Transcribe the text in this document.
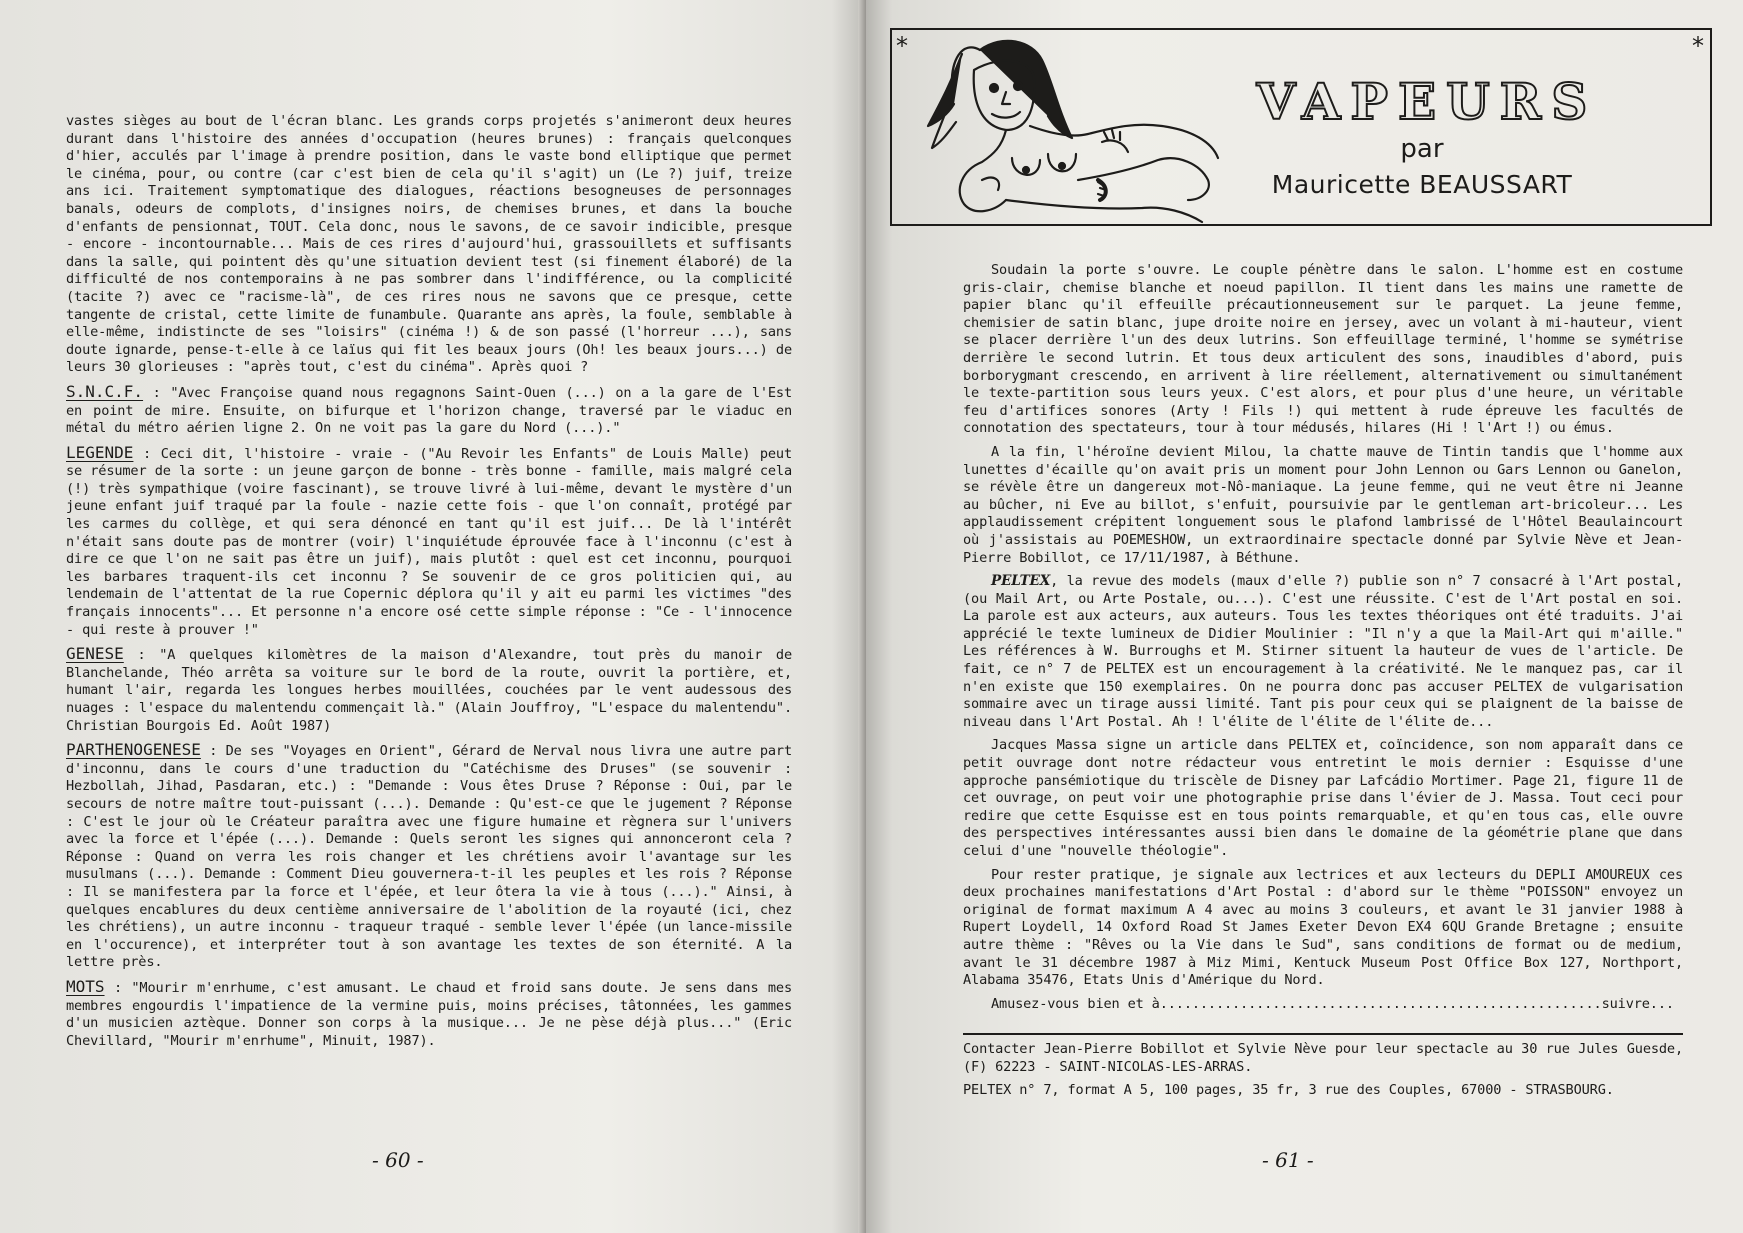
vastes sièges au bout de l'écran blanc. Les grands corps projetés s'animeront deux heures durant dans l'histoire des années d'occupation (heures brunes) : français quelconques d'hier, acculés par l'image à prendre position, dans le vaste bond elliptique que permet le cinéma, pour, ou contre (car c'est bien de cela qu'il s'agit) un (Le ?) juif, treize ans ici. Traitement symptomatique des dialogues, réactions besogneuses de personnages banals, odeurs de complots, d'insignes noirs, de chemises brunes, et dans la bouche d'enfants de pensionnat, TOUT. Cela donc, nous le savons, de ce savoir indicible, presque - encore - incontournable... Mais de ces rires d'aujourd'hui, grassouillets et suffisants dans la salle, qui pointent dès qu'une situation devient test (si finement élaboré) de la difficulté de nos contemporains à ne pas sombrer dans l'indifférence, ou la complicité (tacite ?) avec ce "racisme-là", de ces rires nous ne savons que ce presque, cette tangente de cristal, cette limite de funambule. Quarante ans après, la foule, semblable à elle-même, indistincte de ses "loisirs" (cinéma !) & de son passé (l'horreur ...), sans doute ignarde, pense-t-elle à ce laïus qui fit les beaux jours (Oh! les beaux jours...) de leurs 30 glorieuses : "après tout, c'est du cinéma". Après quoi ?

S.N.C.F. : "Avec Françoise quand nous regagnons Saint-Ouen (...) on a la gare de l'Est en point de mire. Ensuite, on bifurque et l'horizon change, traversé par le viaduc en métal du métro aérien ligne 2. On ne voit pas la gare du Nord (...)."

LEGENDE : Ceci dit, l'histoire - vraie - ("Au Revoir les Enfants" de Louis Malle) peut se résumer de la sorte : un jeune garçon de bonne - très bonne - famille, mais malgré cela (!) très sympathique (voire fascinant), se trouve livré à lui-même, devant le mystère d'un jeune enfant juif traqué par la foule - nazie cette fois - que l'on connaît, protégé par les carmes du collège, et qui sera dénoncé en tant qu'il est juif... De là l'intérêt n'était sans doute pas de montrer (voir) l'inquiétude éprouvée face à l'inconnu (c'est à dire ce que l'on ne sait pas être un juif), mais plutôt : quel est cet inconnu, pourquoi les barbares traquent-ils cet inconnu ? Se souvenir de ce gros politicien qui, au lendemain de l'attentat de la rue Copernic déplora qu'il y ait eu parmi les victimes "des français innocents"... Et personne n'a encore osé cette simple réponse : "Ce - l'innocence - qui reste à prouver !"

GENESE : "A quelques kilomètres de la maison d'Alexandre, tout près du manoir de Blanchelande, Théo arrêta sa voiture sur le bord de la route, ouvrit la portière, et, humant l'air, regarda les longues herbes mouillées, couchées par le vent audessous des nuages : l'espace du malentendu commençait là." (Alain Jouffroy, "L'espace du malentendu". Christian Bourgois Ed. Août 1987)

PARTHENOGENESE : De ses "Voyages en Orient", Gérard de Nerval nous livra une autre part d'inconnu, dans le cours d'une traduction du "Catéchisme des Druses" (se souvenir : Hezbollah, Jihad, Pasdaran, etc.) : "Demande : Vous êtes Druse ? Réponse : Oui, par le secours de notre maître tout-puissant (...). Demande : Qu'est-ce que le jugement ? Réponse : C'est le jour où le Créateur paraîtra avec une figure humaine et règnera sur l'univers avec la force et l'épée (...). Demande : Quels seront les signes qui annonceront cela ? Réponse : Quand on verra les rois changer et les chrétiens avoir l'avantage sur les musulmans (...). Demande : Comment Dieu gouvernera-t-il les peuples et les rois ? Réponse : Il se manifestera par la force et l'épée, et leur ôtera la vie à tous (...)." Ainsi, à quelques encablures du deux centième anniversaire de l'abolition de la royauté (ici, chez les chrétiens), un autre inconnu - traqueur traqué - semble lever l'épée (un lance-missile en l'occurence), et interpréter tout à son avantage les textes de son éternité. A la lettre près.

MOTS : "Mourir m'enrhume, c'est amusant. Le chaud et froid sans doute. Je sens dans mes membres engourdis l'impatience de la vermine puis, moins précises, tâtonnées, les gammes d'un musicien aztèque. Donner son corps à la musique... Je ne pèse déjà plus..." (Eric Chevillard, "Mourir m'enrhume", Minuit, 1987).

- 60 -
*	*
VAPEURS
par
Mauricette BEAUSSART

Soudain la porte s'ouvre. Le couple pénètre dans le salon. L'homme est en costume gris-clair, chemise blanche et noeud papillon. Il tient dans les mains une ramette de papier blanc qu'il effeuille précautionneusement sur le parquet. La jeune femme, chemisier de satin blanc, jupe droite noire en jersey, avec un volant à mi-hauteur, vient se placer derrière l'un des deux lutrins. Son effeuillage terminé, l'homme se symétrise derrière le second lutrin. Et tous deux articulent des sons, inaudibles d'abord, puis borborygmant crescendo, en arrivent à lire réellement, alternativement ou simultanément le texte-partition sous leurs yeux. C'est alors, et pour plus d'une heure, un véritable feu d'artifices sonores (Arty ! Fils !) qui mettent à rude épreuve les facultés de connotation des spectateurs, tour à tour médusés, hilares (Hi ! l'Art !) ou émus.

A la fin, l'héroïne devient Milou, la chatte mauve de Tintin tandis que l'homme aux lunettes d'écaille qu'on avait pris un moment pour John Lennon ou Gars Lennon ou Ganelon, se révèle être un dangereux mot-Nô-maniaque. La jeune femme, qui ne veut être ni Jeanne au bûcher, ni Eve au billot, s'enfuit, poursuivie par le gentleman art-bricoleur... Les applaudissement crépitent longuement sous le plafond lambrissé de l'Hôtel Beaulaincourt où j'assistais au POEMESHOW, un extraordinaire spectacle donné par Sylvie Nève et Jean-Pierre Bobillot, ce 17/11/1987, à Béthune.

PELTEX, la revue des models (maux d'elle ?) publie son n° 7 consacré à l'Art postal, (ou Mail Art, ou Arte Postale, ou...). C'est une réussite. C'est de l'Art postal en soi. La parole est aux acteurs, aux auteurs. Tous les textes théoriques ont été traduits. J'ai apprécié le texte lumineux de Didier Moulinier : "Il n'y a que la Mail-Art qui m'aille." Les références à W. Burroughs et M. Stirner situent la hauteur de vues de l'article. De fait, ce n° 7 de PELTEX est un encouragement à la créativité. Ne le manquez pas, car il n'en existe que 150 exemplaires. On ne pourra donc pas accuser PELTEX de vulgarisation sommaire avec un tirage aussi limité. Tant pis pour ceux qui se plaignent de la baisse de niveau dans l'Art Postal. Ah ! l'élite de l'élite de l'élite de...

Jacques Massa signe un article dans PELTEX et, coïncidence, son nom apparaît dans ce petit ouvrage dont notre rédacteur vous entretint le mois dernier : Esquisse d'une approche pansémiotique du triscèle de Disney par Lafcádio Mortimer. Page 21, figure 11 de cet ouvrage, on peut voir une photographie prise dans l'évier de J. Massa. Tout ceci pour redire que cette Esquisse est en tous points remarquable, et qu'en tous cas, elle ouvre des perspectives intéressantes aussi bien dans le domaine de la géométrie plane que dans celui d'une "nouvelle théologie".

Pour rester pratique, je signale aux lectrices et aux lecteurs du DEPLI AMOUREUX ces deux prochaines manifestations d'Art Postal : d'abord sur le thème "POISSON" envoyez un original de format maximum A 4 avec au moins 3 couleurs, et avant le 31 janvier 1988 à Rupert Loydell, 14 Oxford Road St James Exeter Devon EX4 6QU Grande Bretagne ; ensuite autre thème : "Rêves ou la Vie dans le Sud", sans conditions de format ou de medium, avant le 31 décembre 1987 à Miz Mimi, Kentuck Museum Post Office Box 127, Northport, Alabama 35476, Etats Unis d'Amérique du Nord.

Amusez-vous bien et à.......................................................suivre...

Contacter Jean-Pierre Bobillot et Sylvie Nève pour leur spectacle au 30 rue Jules Guesde, (F) 62223 - SAINT-NICOLAS-LES-ARRAS.

PELTEX n° 7, format A 5, 100 pages, 35 fr, 3 rue des Couples, 67000 - STRASBOURG.

- 61 -
